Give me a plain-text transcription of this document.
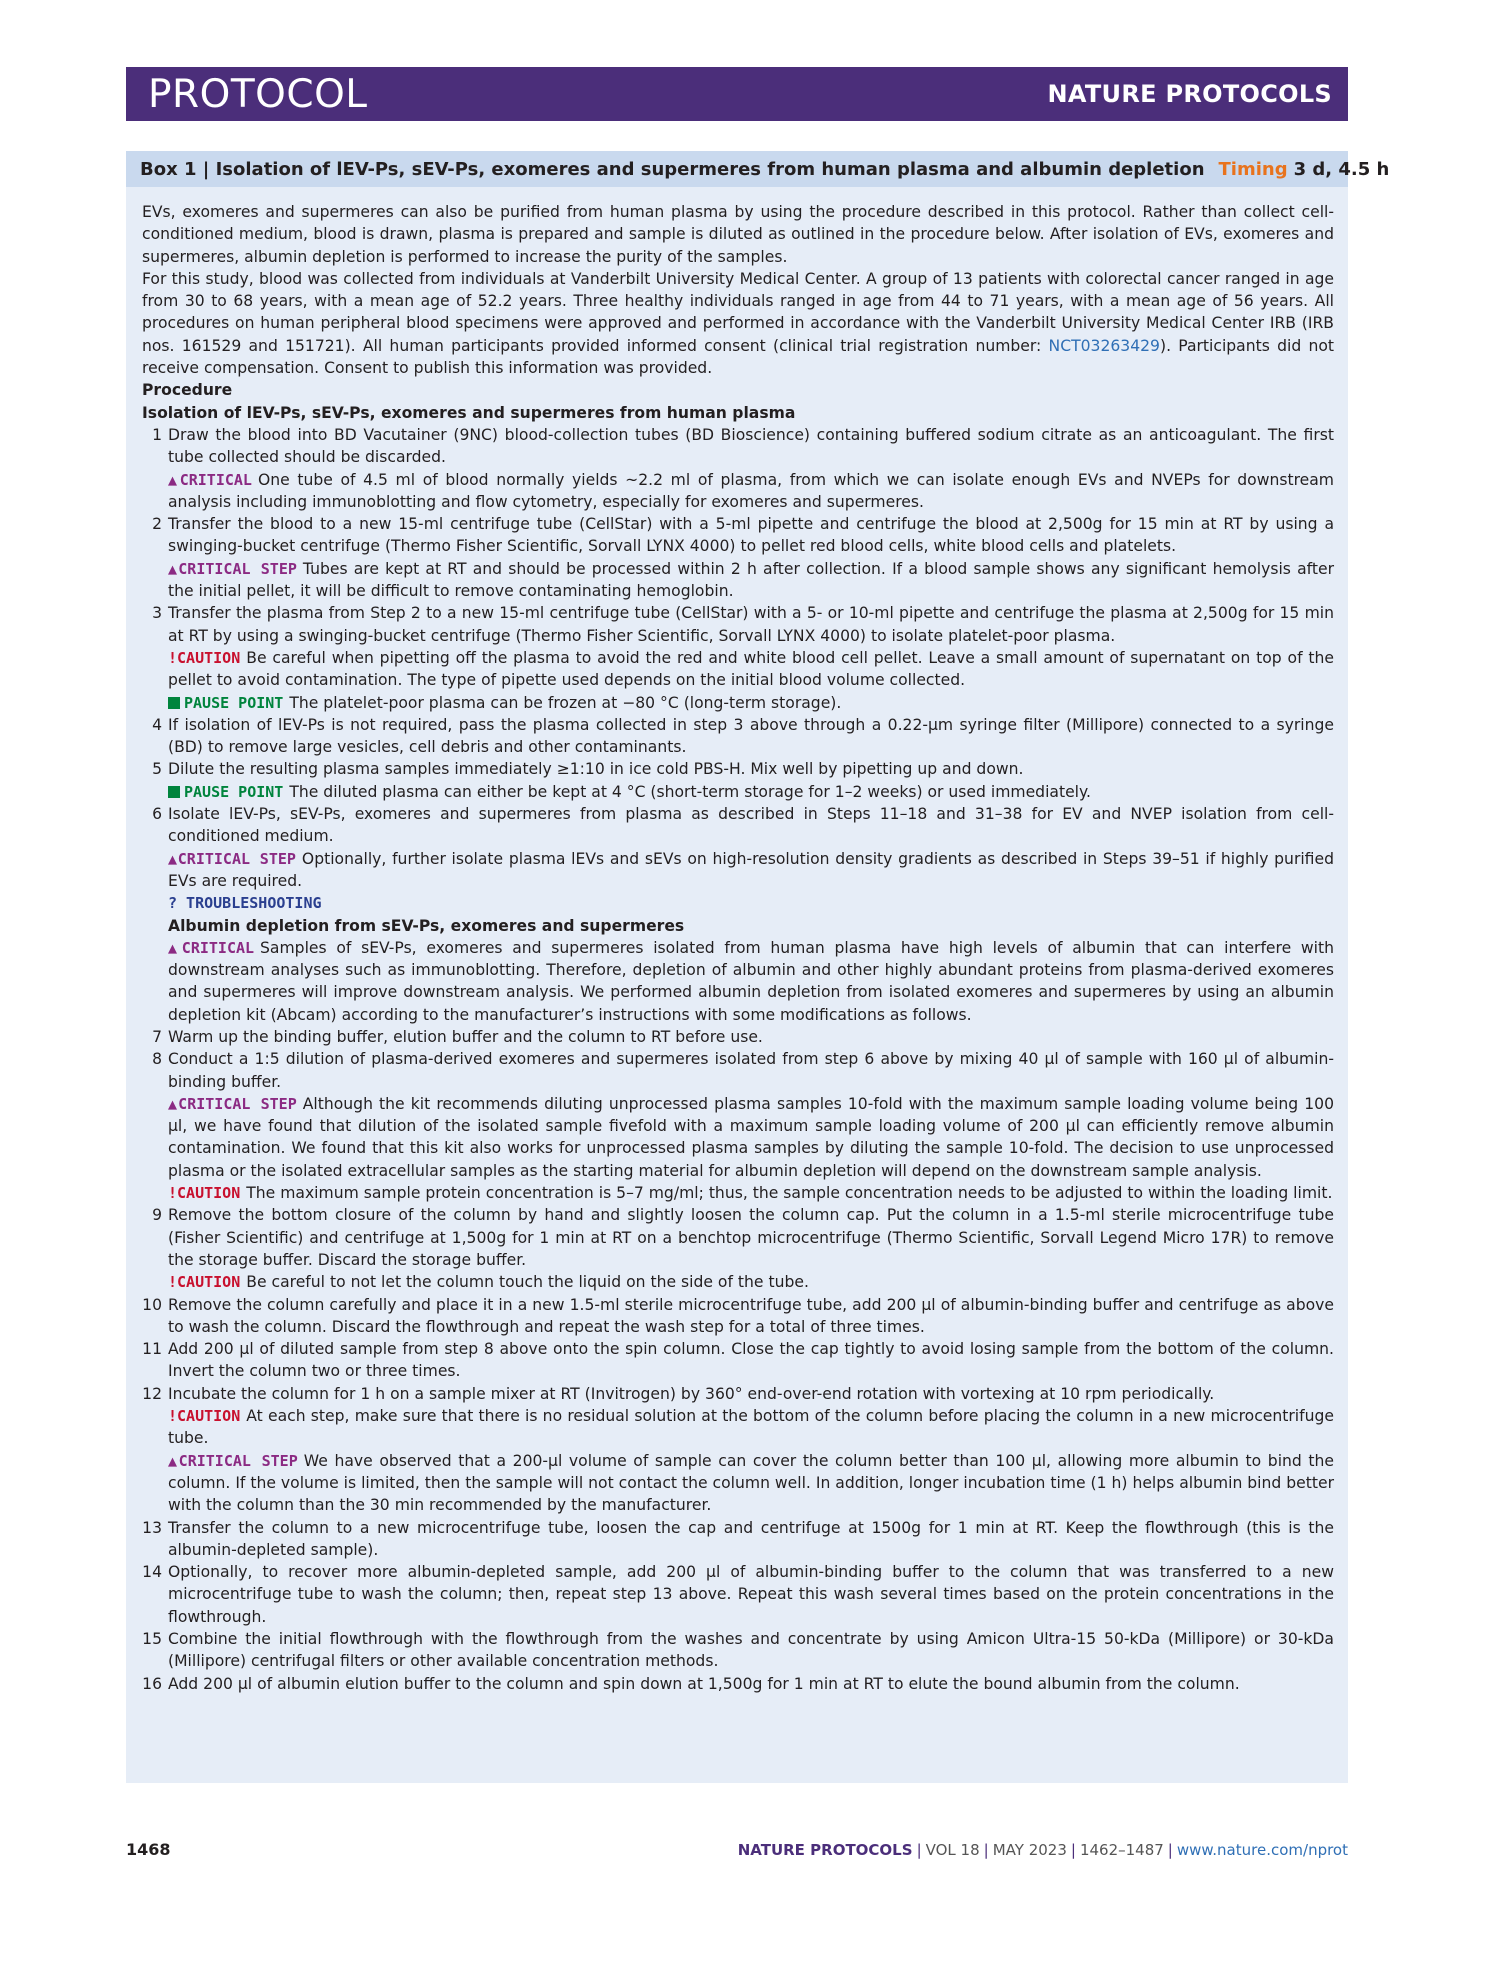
PROTOCOL	NATURE PROTOCOLS
Box 1 | Isolation of lEV-Ps, sEV-Ps, exomeres and supermeres from human plasma and albumin depletion Timing 3 d, 4.5 h

EVs, exomeres and supermeres can also be purified from human plasma by using the procedure described in this protocol. Rather than collect cell-conditioned medium, blood is drawn, plasma is prepared and sample is diluted as outlined in the procedure below. After isolation of EVs, exomeres and supermeres, albumin depletion is performed to increase the purity of the samples.

For this study, blood was collected from individuals at Vanderbilt University Medical Center. A group of 13 patients with colorectal cancer ranged in age from 30 to 68 years, with a mean age of 52.2 years. Three healthy individuals ranged in age from 44 to 71 years, with a mean age of 56 years. All procedures on human peripheral blood specimens were approved and performed in accordance with the Vanderbilt University Medical Center IRB (IRB nos. 161529 and 151721). All human participants provided informed consent (clinical trial registration number: NCT03263429). Participants did not receive compensation. Consent to publish this information was provided.

Procedure

Isolation of lEV-Ps, sEV-Ps, exomeres and supermeres from human plasma

1 Draw the blood into BD Vacutainer (9NC) blood-collection tubes (BD Bioscience) containing buffered sodium citrate as an anticoagulant. The first tube collected should be discarded.
▲CRITICAL One tube of 4.5 ml of blood normally yields ~2.2 ml of plasma, from which we can isolate enough EVs and NVEPs for downstream analysis including immunoblotting and flow cytometry, especially for exomeres and supermeres.
2 Transfer the blood to a new 15-ml centrifuge tube (CellStar) with a 5-ml pipette and centrifuge the blood at 2,500g for 15 min at RT by using a swinging-bucket centrifuge (Thermo Fisher Scientific, Sorvall LYNX 4000) to pellet red blood cells, white blood cells and platelets.
▲CRITICAL STEP Tubes are kept at RT and should be processed within 2 h after collection. If a blood sample shows any significant hemolysis after the initial pellet, it will be difficult to remove contaminating hemoglobin.
3 Transfer the plasma from Step 2 to a new 15-ml centrifuge tube (CellStar) with a 5- or 10-ml pipette and centrifuge the plasma at 2,500g for 15 min at RT by using a swinging-bucket centrifuge (Thermo Fisher Scientific, Sorvall LYNX 4000) to isolate platelet-poor plasma.
!CAUTION Be careful when pipetting off the plasma to avoid the red and white blood cell pellet. Leave a small amount of supernatant on top of the pellet to avoid contamination. The type of pipette used depends on the initial blood volume collected.
PAUSE POINT The platelet-poor plasma can be frozen at −80 °C (long-term storage).
4 If isolation of lEV-Ps is not required, pass the plasma collected in step 3 above through a 0.22-μm syringe filter (Millipore) connected to a syringe (BD) to remove large vesicles, cell debris and other contaminants.
5 Dilute the resulting plasma samples immediately ≥1:10 in ice cold PBS-H. Mix well by pipetting up and down.
PAUSE POINT The diluted plasma can either be kept at 4 °C (short-term storage for 1–2 weeks) or used immediately.
6 Isolate lEV-Ps, sEV-Ps, exomeres and supermeres from plasma as described in Steps 11–18 and 31–38 for EV and NVEP isolation from cell-conditioned medium.
▲CRITICAL STEP Optionally, further isolate plasma lEVs and sEVs on high-resolution density gradients as described in Steps 39–51 if highly purified EVs are required.
? TROUBLESHOOTING
Albumin depletion from sEV-Ps, exomeres and supermeres
▲CRITICAL Samples of sEV-Ps, exomeres and supermeres isolated from human plasma have high levels of albumin that can interfere with downstream analyses such as immunoblotting. Therefore, depletion of albumin and other highly abundant proteins from plasma-derived exomeres and supermeres will improve downstream analysis. We performed albumin depletion from isolated exomeres and supermeres by using an albumin depletion kit (Abcam) according to the manufacturer’s instructions with some modifications as follows.
7 Warm up the binding buffer, elution buffer and the column to RT before use.
8 Conduct a 1:5 dilution of plasma-derived exomeres and supermeres isolated from step 6 above by mixing 40 μl of sample with 160 μl of albumin-binding buffer.
▲CRITICAL STEP Although the kit recommends diluting unprocessed plasma samples 10-fold with the maximum sample loading volume being 100 μl, we have found that dilution of the isolated sample fivefold with a maximum sample loading volume of 200 μl can efficiently remove albumin contamination. We found that this kit also works for unprocessed plasma samples by diluting the sample 10-fold. The decision to use unprocessed plasma or the isolated extracellular samples as the starting material for albumin depletion will depend on the downstream sample analysis.
!CAUTION The maximum sample protein concentration is 5–7 mg/ml; thus, the sample concentration needs to be adjusted to within the loading limit.
9 Remove the bottom closure of the column by hand and slightly loosen the column cap. Put the column in a 1.5-ml sterile microcentrifuge tube (Fisher Scientific) and centrifuge at 1,500g for 1 min at RT on a benchtop microcentrifuge (Thermo Scientific, Sorvall Legend Micro 17R) to remove the storage buffer. Discard the storage buffer.
!CAUTION Be careful to not let the column touch the liquid on the side of the tube.
10 Remove the column carefully and place it in a new 1.5-ml sterile microcentrifuge tube, add 200 μl of albumin-binding buffer and centrifuge as above to wash the column. Discard the flowthrough and repeat the wash step for a total of three times.
11 Add 200 μl of diluted sample from step 8 above onto the spin column. Close the cap tightly to avoid losing sample from the bottom of the column. Invert the column two or three times.
12 Incubate the column for 1 h on a sample mixer at RT (Invitrogen) by 360° end-over-end rotation with vortexing at 10 rpm periodically.
!CAUTION At each step, make sure that there is no residual solution at the bottom of the column before placing the column in a new microcentrifuge tube.
▲CRITICAL STEP We have observed that a 200-μl volume of sample can cover the column better than 100 μl, allowing more albumin to bind the column. If the volume is limited, then the sample will not contact the column well. In addition, longer incubation time (1 h) helps albumin bind better with the column than the 30 min recommended by the manufacturer.
13 Transfer the column to a new microcentrifuge tube, loosen the cap and centrifuge at 1500g for 1 min at RT. Keep the flowthrough (this is the albumin-depleted sample).
14 Optionally, to recover more albumin-depleted sample, add 200 μl of albumin-binding buffer to the column that was transferred to a new microcentrifuge tube to wash the column; then, repeat step 13 above. Repeat this wash several times based on the protein concentrations in the flowthrough.
15 Combine the initial flowthrough with the flowthrough from the washes and concentrate by using Amicon Ultra-15 50-kDa (Millipore) or 30-kDa (Millipore) centrifugal filters or other available concentration methods.
16 Add 200 μl of albumin elution buffer to the column and spin down at 1,500g for 1 min at RT to elute the bound albumin from the column.
1468	NATURE PROTOCOLS | VOL 18 | MAY 2023 | 1462–1487 | www.nature.com/nprot
